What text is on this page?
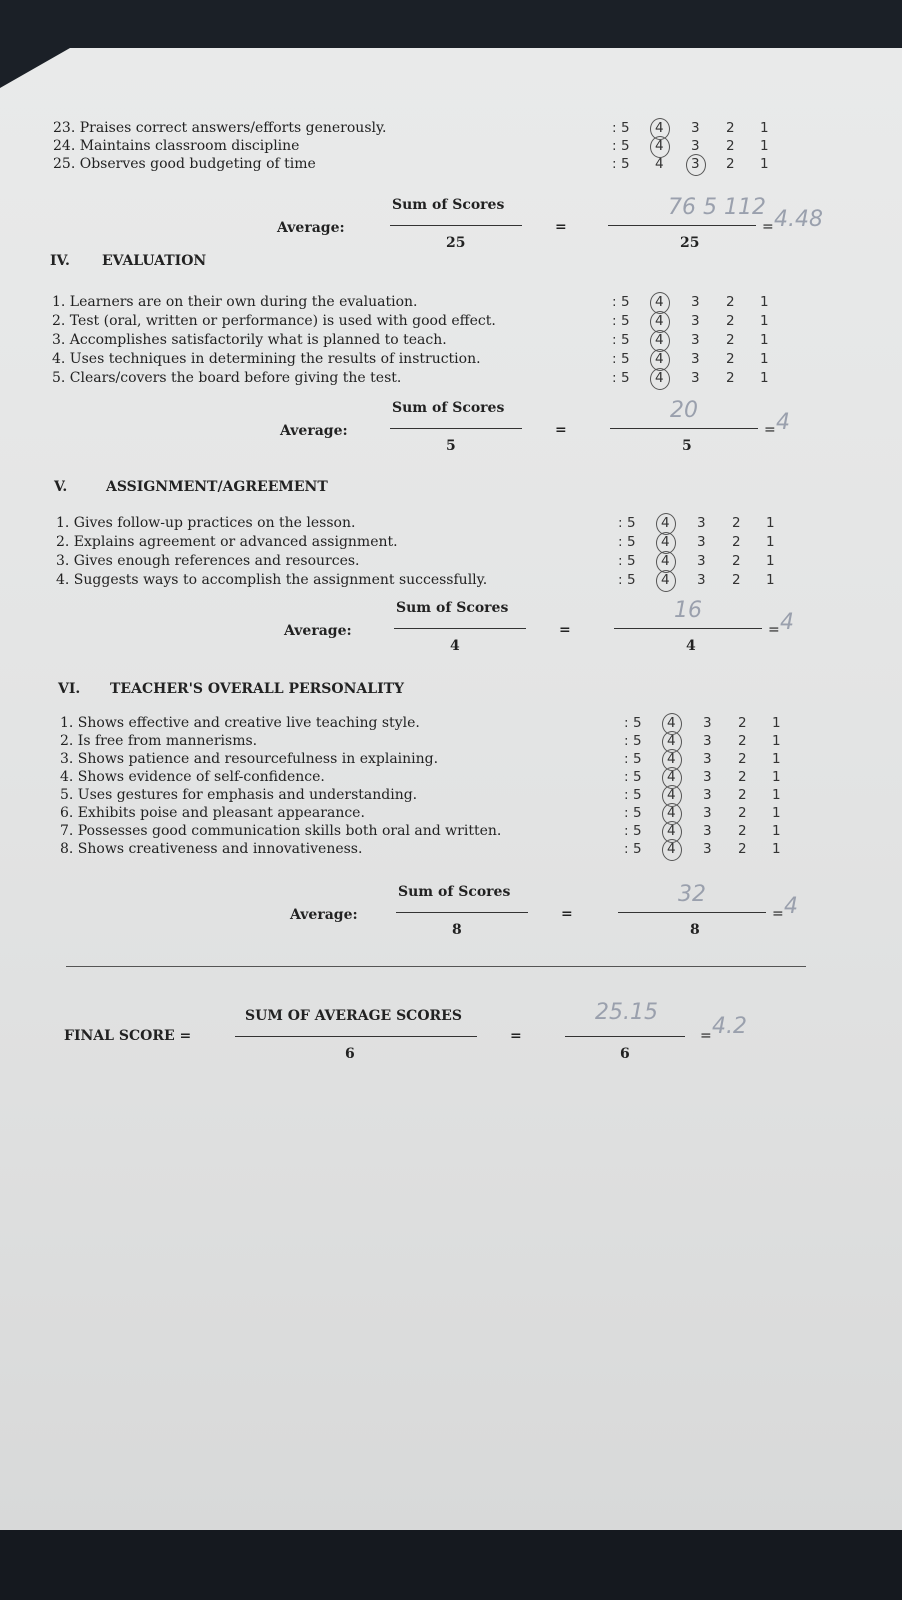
23. Praises correct answers/efforts generously.	: 5 4 3 2 1
24. Maintains classroom discipline	: 5 4 3 2 1
25. Observes good budgeting of time	: 5 4 3 2 1
Average:
Sum of Scores
25
=
76 5 112
25
= 4.48
IV. EVALUATION
1. Learners are on their own during the evaluation.	: 5 4 3 2 1
2. Test (oral, written or performance) is used with good effect.	: 5 4 3 2 1
3. Accomplishes satisfactorily what is planned to teach.	: 5 4 3 2 1
4. Uses techniques in determining the results of instruction.	: 5 4 3 2 1
5. Clears/covers the board before giving the test.	: 5 4 3 2 1
Average:
Sum of Scores
5
=
20
5
= 4
V.	ASSIGNMENT/AGREEMENT
1. Gives follow-up practices on the lesson.	: 5 4 3 2 1
2. Explains agreement or advanced assignment.	: 5 4 3 2 1
3. Gives enough references and resources.	: 5 4 3 2 1
4. Suggests ways to accomplish the assignment successfully.	: 5 4 3 2 1
Average:
Sum of Scores
4
=
16
4
= 4
VI. TEACHER'S OVERALL PERSONALITY
1. Shows effective and creative live teaching style.	: 5 4 3 2 1
2. Is free from mannerisms.	: 5 4 3 2 1
3. Shows patience and resourcefulness in explaining.	: 5 4 3 2 1
4. Shows evidence of self-confidence.	: 5 4 3 2 1
5. Uses gestures for emphasis and understanding.	: 5 4 3 2 1
6. Exhibits poise and pleasant appearance.	: 5 4 3 2 1
7. Possesses good communication skills both oral and written.	: 5 4 3 2 1
8. Shows creativeness and innovativeness.	: 5 4 3 2 1
Average:
Sum of Scores
8
=
32
8
= 4
FINAL SCORE =
SUM OF AVERAGE SCORES
6
=
25.15
6
= 4.2
